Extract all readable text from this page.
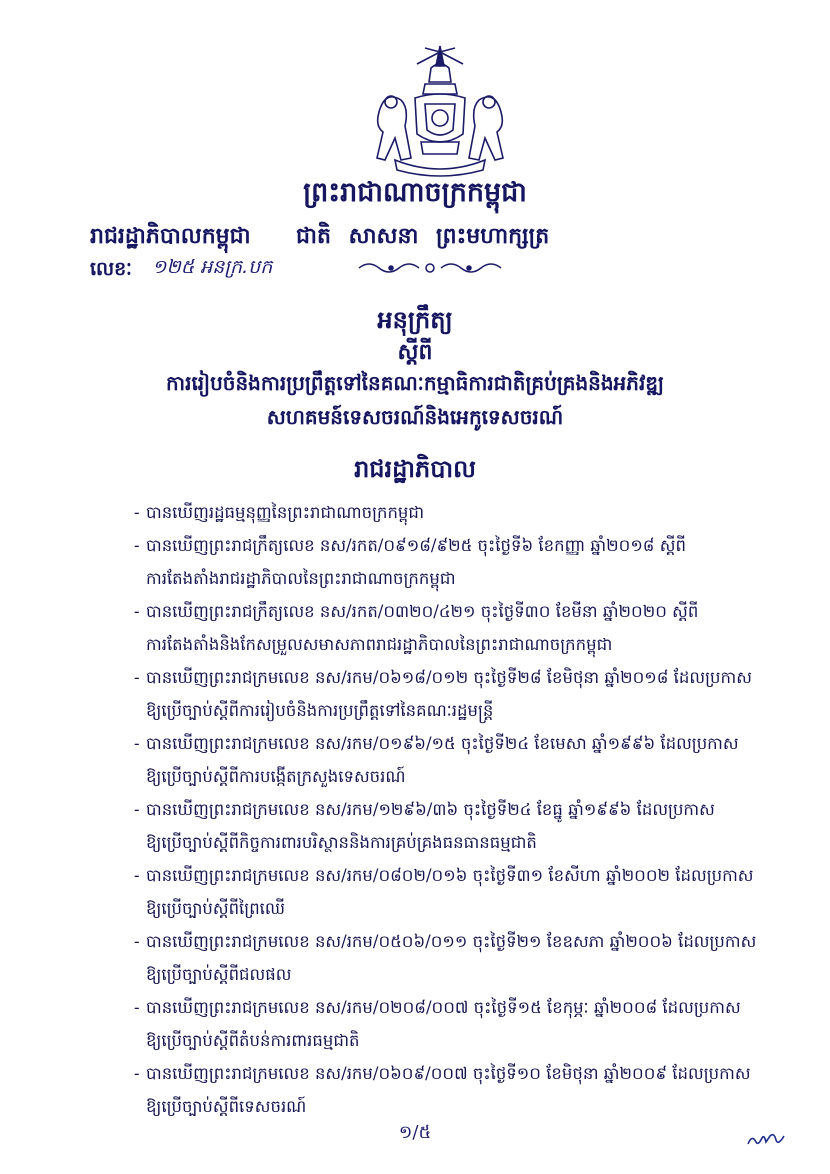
ព្រះរាជាណាចក្រកម្ពុជា
រាជរដ្ឋាភិបាលកម្ពុជា ជាតិ សាសនា ព្រះមហាក្សត្រ
លេខៈ ១២៥ អនក្រ.បក
អនុក្រឹត្យ
ស្តីពី
ការរៀបចំនិងការប្រព្រឹត្តទៅនៃគណៈកម្មាធិការជាតិគ្រប់គ្រងនិងអភិវឌ្ឍ
សហគមន៍ទេសចរណ៍និងអេកូទេសចរណ៍
រាជរដ្ឋាភិបាល
- បានឃើញរដ្ឋធម្មនុញ្ញនៃព្រះរាជាណាចក្រកម្ពុជា
- បានឃើញព្រះរាជក្រឹត្យលេខ នស/រកត/០៩១៨/៩២៥ ចុះថ្ងៃទី៦ ខែកញ្ញា ឆ្នាំ២០១៨ ស្តីពី
ការតែងតាំងរាជរដ្ឋាភិបាលនៃព្រះរាជាណាចក្រកម្ពុជា
- បានឃើញព្រះរាជក្រឹត្យលេខ នស/រកត/០៣២០/៤២១ ចុះថ្ងៃទី៣០ ខែមីនា ឆ្នាំ២០២០ ស្តីពី
ការតែងតាំងនិងកែសម្រួលសមាសភាពរាជរដ្ឋាភិបាលនៃព្រះរាជាណាចក្រកម្ពុជា
- បានឃើញព្រះរាជក្រមលេខ នស/រកម/០៦១៨/០១២ ចុះថ្ងៃទី២៨ ខែមិថុនា ឆ្នាំ២០១៨ ដែលប្រកាស
ឱ្យប្រើច្បាប់ស្តីពីការរៀបចំនិងការប្រព្រឹត្តទៅនៃគណៈរដ្ឋមន្ត្រី
- បានឃើញព្រះរាជក្រមលេខ នស/រកម/០១៩៦/១៥ ចុះថ្ងៃទី២៤ ខែមេសា ឆ្នាំ១៩៩៦ ដែលប្រកាស
ឱ្យប្រើច្បាប់ស្តីពីការបង្កើតក្រសួងទេសចរណ៍
- បានឃើញព្រះរាជក្រមលេខ នស/រកម/១២៩៦/៣៦ ចុះថ្ងៃទី២៤ ខែធ្នូ ឆ្នាំ១៩៩៦ ដែលប្រកាស
ឱ្យប្រើច្បាប់ស្តីពីកិច្ចការពារបរិស្ថាននិងការគ្រប់គ្រងធនធានធម្មជាតិ
- បានឃើញព្រះរាជក្រមលេខ នស/រកម/០៨០២/០១៦ ចុះថ្ងៃទី៣១ ខែសីហា ឆ្នាំ២០០២ ដែលប្រកាស
ឱ្យប្រើច្បាប់ស្តីពីព្រៃឈើ
- បានឃើញព្រះរាជក្រមលេខ នស/រកម/០៥០៦/០១១ ចុះថ្ងៃទី២១ ខែឧសភា ឆ្នាំ២០០៦ ដែលប្រកាស
ឱ្យប្រើច្បាប់ស្តីពីជលផល
- បានឃើញព្រះរាជក្រមលេខ នស/រកម/០២០៨/០០៧ ចុះថ្ងៃទី១៥ ខែកុម្ភៈ ឆ្នាំ២០០៨ ដែលប្រកាស
ឱ្យប្រើច្បាប់ស្តីពីតំបន់ការពារធម្មជាតិ
- បានឃើញព្រះរាជក្រមលេខ នស/រកម/០៦០៩/០០៧ ចុះថ្ងៃទី១០ ខែមិថុនា ឆ្នាំ២០០៩ ដែលប្រកាស
ឱ្យប្រើច្បាប់ស្តីពីទេសចរណ៍
១/៥
